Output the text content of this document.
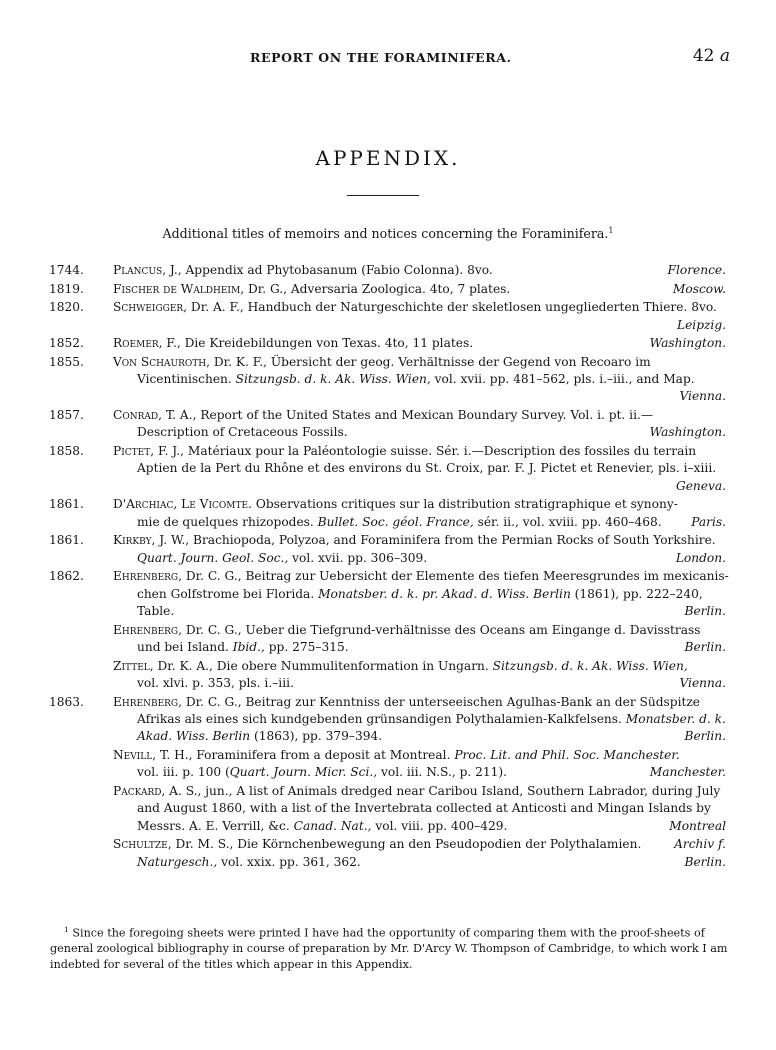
REPORT ON THE FORAMINIFERA.	42 a
APPENDIX.
Additional titles of memoirs and notices concerning the Foraminifera.$^1$
1744. Plancus, J., Appendix ad Phytobasanum (Fabio Colonna). 8vo.	Florence.
1819. Fischer de Waldheim, Dr. G., Adversaria Zoologica. 4to, 7 plates.	Moscow.
1820. Schweigger, Dr. A. F., Handbuch der Naturgeschichte der skeletlosen ungegliederten Thiere. 8vo.
Leipzig.
1852. Roemer, F., Die Kreidebildungen von Texas. 4to, 11 plates.	Washington.
1855. Von Schauroth, Dr. K. F., Übersicht der geog. Verhältnisse der Gegend von Recoaro im
Vicentinischen. Sitzungsb. d. k. Ak. Wiss. Wien, vol. xvii. pp. 481–562, pls. i.–iii., and Map.
Vienna.
1857. Conrad, T. A., Report of the United States and Mexican Boundary Survey. Vol. i. pt. ii.—
Description of Cretaceous Fossils.	Washington.
1858. Pictet, F. J., Matériaux pour la Paléontologie suisse. Sér. i.—Description des fossiles du terrain
Aptien de la Pert du Rhône et des environs du St. Croix, par. F. J. Pictet et Renevier, pls. i–xiii.
Geneva.
1861. D'Archiac, Le Vicomte. Observations critiques sur la distribution stratigraphique et synony-
mie de quelques rhizopodes. Bullet. Soc. géol. France, sér. ii., vol. xviii. pp. 460–468. Paris.
1861. Kirkby, J. W., Brachiopoda, Polyzoa, and Foraminifera from the Permian Rocks of South Yorkshire.
Quart. Journ. Geol. Soc., vol. xvii. pp. 306–309.	London.
1862. Ehrenberg, Dr. C. G., Beitrag zur Uebersicht der Elemente des tiefen Meeresgrundes im mexicanis-
chen Golfstrome bei Florida. Monatsber. d. k. pr. Akad. d. Wiss. Berlin (1861), pp. 222–240,
Table.	Berlin.
Ehrenberg, Dr. C. G., Ueber die Tiefgrund-verhältnisse des Oceans am Eingange d. Davisstrass
und bei Island. Ibid., pp. 275–315.	Berlin.
Zittel, Dr. K. A., Die obere Nummulitenformation in Ungarn. Sitzungsb. d. k. Ak. Wiss. Wien,
vol. xlvi. p. 353, pls. i.–iii.	Vienna.
1863. Ehrenberg, Dr. C. G., Beitrag zur Kenntniss der unterseeischen Agulhas-Bank an der Südspitze
Afrikas als eines sich kundgebenden grünsandigen Polythalamien-Kalkfelsens. Monatsber. d. k.
Akad. Wiss. Berlin (1863), pp. 379–394.	Berlin.
Nevill, T. H., Foraminifera from a deposit at Montreal. Proc. Lit. and Phil. Soc. Manchester.
vol. iii. p. 100 (Quart. Journ. Micr. Sci., vol. iii. N.S., p. 211).	Manchester.
Packard, A. S., jun., A list of Animals dredged near Caribou Island, Southern Labrador, during July
and August 1860, with a list of the Invertebrata collected at Anticosti and Mingan Islands by
Messrs. A. E. Verrill, &c. Canad. Nat., vol. viii. pp. 400–429.	Montreal
Schultze, Dr. M. S., Die Körnchenbewegung an den Pseudopodien der Polythalamien.	Archiv f.
Naturgesch., vol. xxix. pp. 361, 362.	Berlin.
$^1$ Since the foregoing sheets were printed I have had the opportunity of comparing them with the proof-sheets of
general zoological bibliography in course of preparation by Mr. D'Arcy W. Thompson of Cambridge, to which work I am
indebted for several of the titles which appear in this Appendix.
